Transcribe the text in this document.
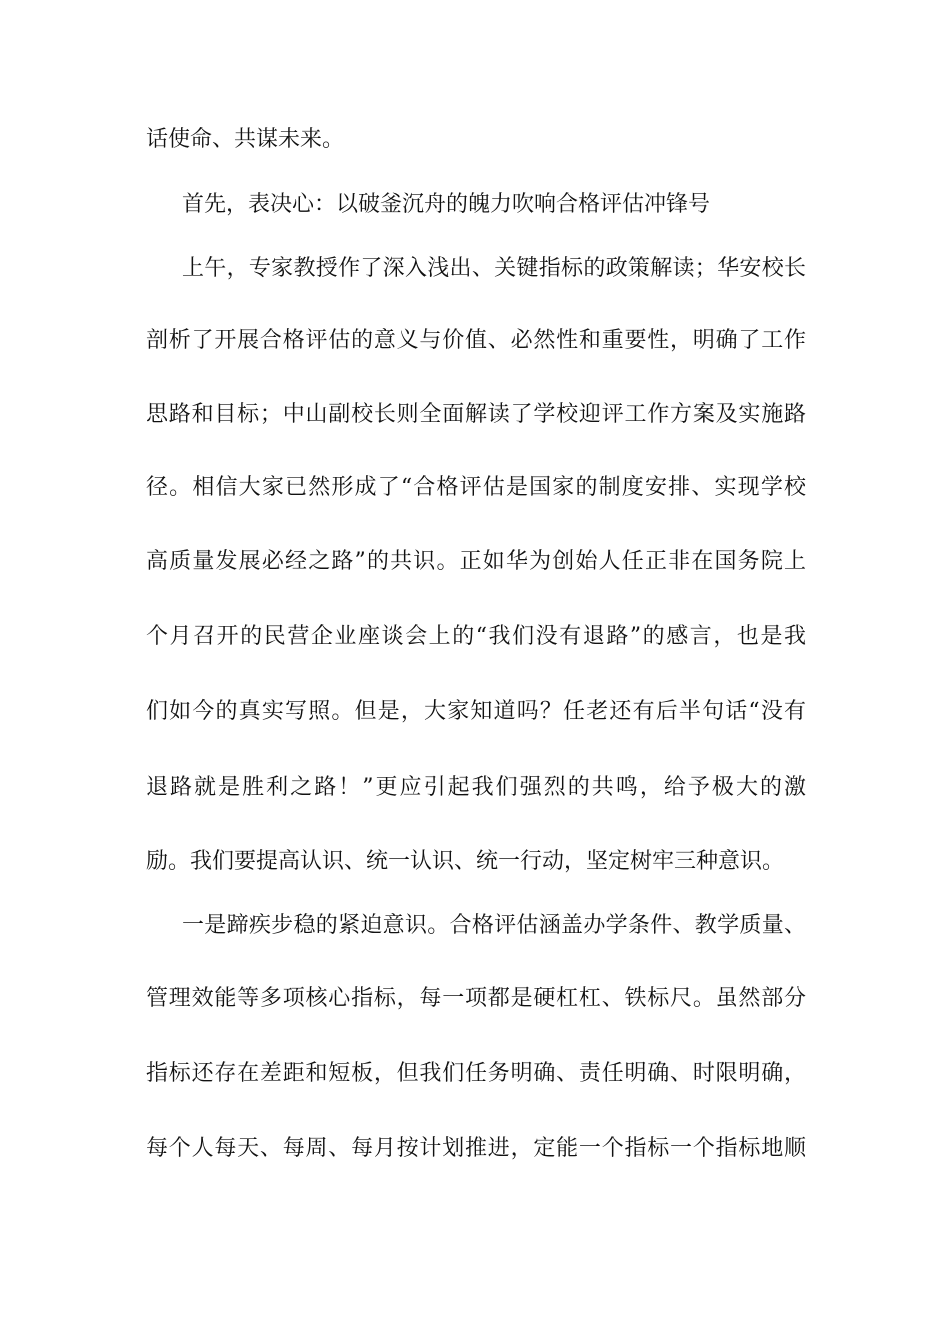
话使命、共谋未来。
首先，表决心：以破釜沉舟的魄力吹响合格评估冲锋号
上午，专家教授作了深入浅出、关键指标的政策解读；华安校长
剖析了开展合格评估的意义与价值、必然性和重要性，明确了工作
思路和目标；中山副校长则全面解读了学校迎评工作方案及实施路
径。相信大家已然形成了“合格评估是国家的制度安排、实现学校
高质量发展必经之路”的共识。正如华为创始人任正非在国务院上
个月召开的民营企业座谈会上的“我们没有退路”的感言，也是我
们如今的真实写照。但是，大家知道吗？任老还有后半句话“没有
退路就是胜利之路！”更应引起我们强烈的共鸣，给予极大的激
励。我们要提高认识、统一认识、统一行动，坚定树牢三种意识。
一是蹄疾步稳的紧迫意识。合格评估涵盖办学条件、教学质量、
管理效能等多项核心指标，每一项都是硬杠杠、铁标尺。虽然部分
指标还存在差距和短板，但我们任务明确、责任明确、时限明确，
每个人每天、每周、每月按计划推进，定能一个指标一个指标地顺
